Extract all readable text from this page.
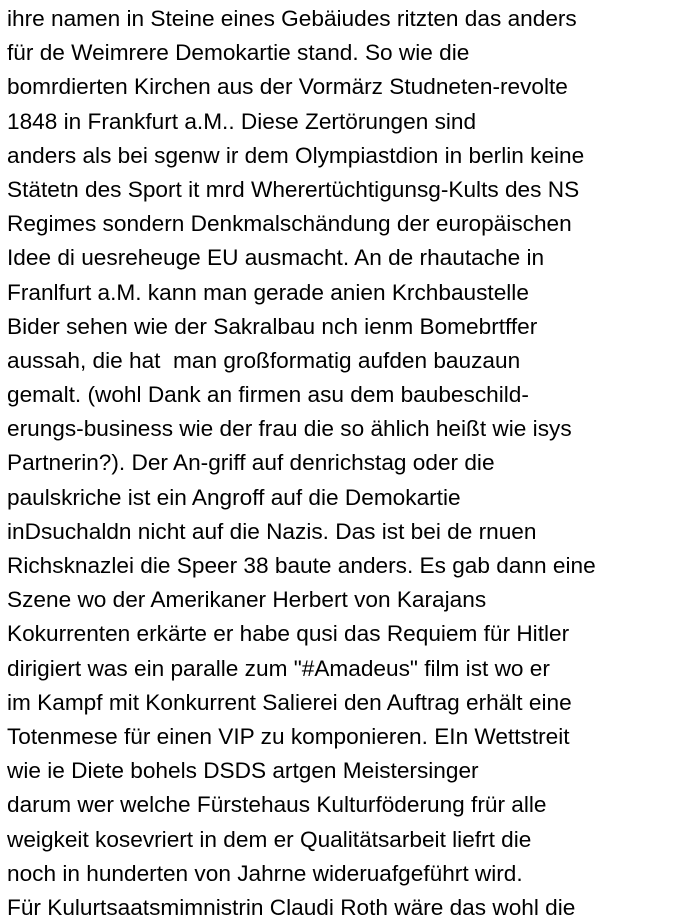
ihre namen in Steine eines Gebäiudes ritzten das anders
für de Weimrere Demokartie stand. So wie die
bomrdierten Kirchen aus der Vormärz Studneten-revolte
1848 in Frankfurt a.M.. Diese Zertörungen sind
anders als bei sgenw ir dem Olympiastdion in berlin keine
Stätetn des Sport it mrd Wherertüchtigunsg-Kults des NS
Regimes sondern Denkmalschändung der europäischen
Idee di uesreheuge EU ausmacht. An de rhautache in
Franlfurt a.M. kann man gerade anien Krchbaustelle
Bider sehen wie der Sakralbau nch ienm Bomebrtffer
aussah, die hat  man großformatig aufden bauzaun
gemalt. (wohl Dank an firmen asu dem baubeschild-
erungs-business wie der frau die so ählich heißt wie isys
Partnerin?). Der An-griff auf denrichstag oder die
paulskriche ist ein Angroff auf die Demokartie
inDsuchaldn nicht auf die Nazis. Das ist bei de rnuen
Richsknazlei die Speer 38 baute anders. Es gab dann eine
Szene wo der Amerikaner Herbert von Karajans
Kokurrenten erkärte er habe qusi das Requiem für Hitler
dirigiert was ein paralle zum "#Amadeus" film ist wo er
im Kampf mit Konkurrent Salierei den Auftrag erhält eine
Totenmese für einen VIP zu komponieren. EIn Wettstreit
wie ie Diete bohels DSDS artgen Meistersinger
darum wer welche Fürstehaus Kulturföderung frür alle
weigkeit kosevriert in dem er Qualitätsarbeit liefrt die
noch in hunderten von Jahrne wideruafgeführt wird.
Für Kulurtsaatsmimnistrin Claudi Roth wäre das wohl die
